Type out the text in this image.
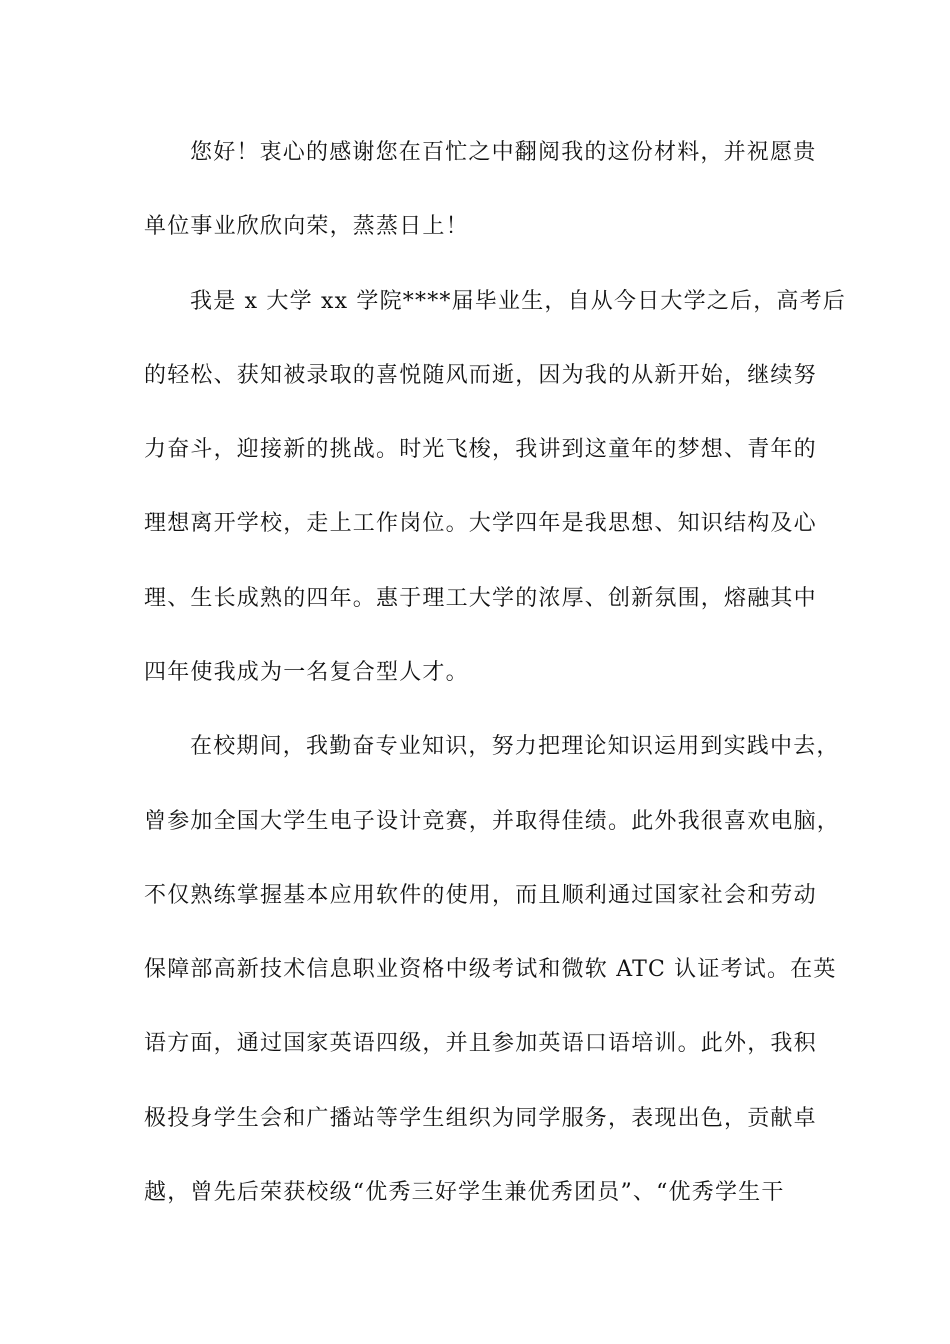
您好！衷心的感谢您在百忙之中翻阅我的这份材料，并祝愿贵
单位事业欣欣向荣，蒸蒸日上！
我是 x 大学 xx 学院****届毕业生，自从今日大学之后，高考后
的轻松、获知被录取的喜悦随风而逝，因为我的从新开始，继续努
力奋斗，迎接新的挑战。时光飞梭，我讲到这童年的梦想、青年的
理想离开学校，走上工作岗位。大学四年是我思想、知识结构及心
理、生长成熟的四年。惠于理工大学的浓厚、创新氛围，熔融其中
四年使我成为一名复合型人才。
在校期间，我勤奋专业知识，努力把理论知识运用到实践中去，
曾参加全国大学生电子设计竞赛，并取得佳绩。此外我很喜欢电脑，
不仅熟练掌握基本应用软件的使用，而且顺利通过国家社会和劳动
保障部高新技术信息职业资格中级考试和微软 ATC 认证考试。在英
语方面，通过国家英语四级，并且参加英语口语培训。此外，我积
极投身学生会和广播站等学生组织为同学服务，表现出色，贡献卓
越，曾先后荣获校级“优秀三好学生兼优秀团员”、“优秀学生干
